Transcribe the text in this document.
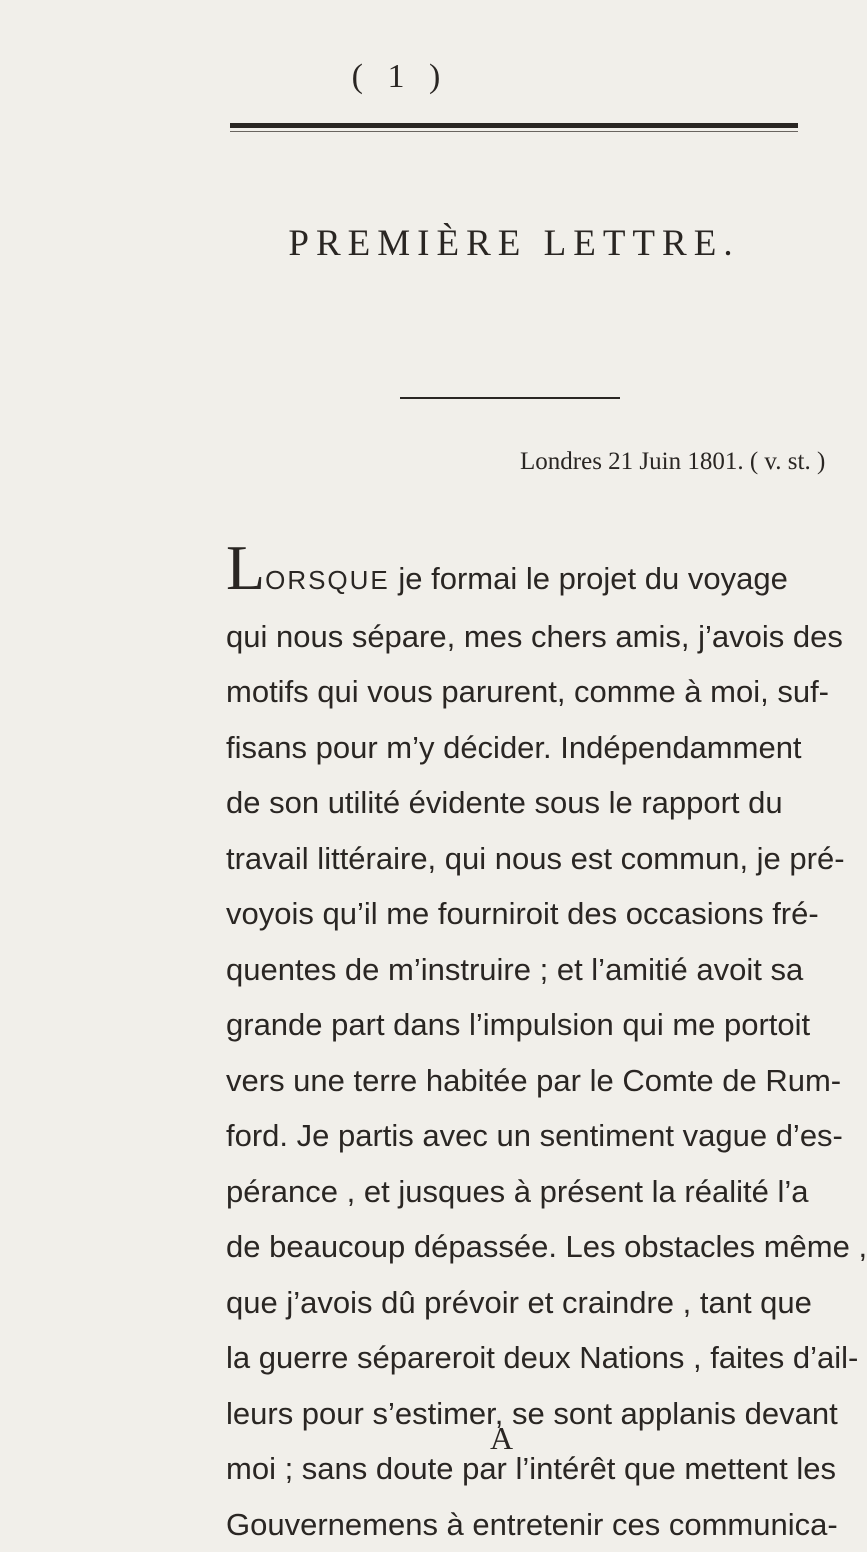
( 1 )
PREMIÈRE LETTRE.
Londres 21 Juin 1801. ( v. st. )
LORSQUE je formai le projet du voyage
qui nous sépare, mes chers amis, j’avois des
motifs qui vous parurent, comme à moi, suf-
fisans pour m’y décider. Indépendamment
de son utilité évidente sous le rapport du
travail littéraire, qui nous est commun, je pré-
voyois qu’il me fourniroit des occasions fré-
quentes de m’instruire ; et l’amitié avoit sa
grande part dans l’impulsion qui me portoit
vers une terre habitée par le Comte de Rum-
ford. Je partis avec un sentiment vague d’es-
pérance , et jusques à présent la réalité l’a
de beaucoup dépassée. Les obstacles même ,
que j’avois dû prévoir et craindre , tant que
la guerre sépareroit deux Nations , faites d’ail-
leurs pour s’estimer, se sont applanis devant
moi ; sans doute par l’intérêt que mettent les
Gouvernemens à entretenir ces communica-
A
